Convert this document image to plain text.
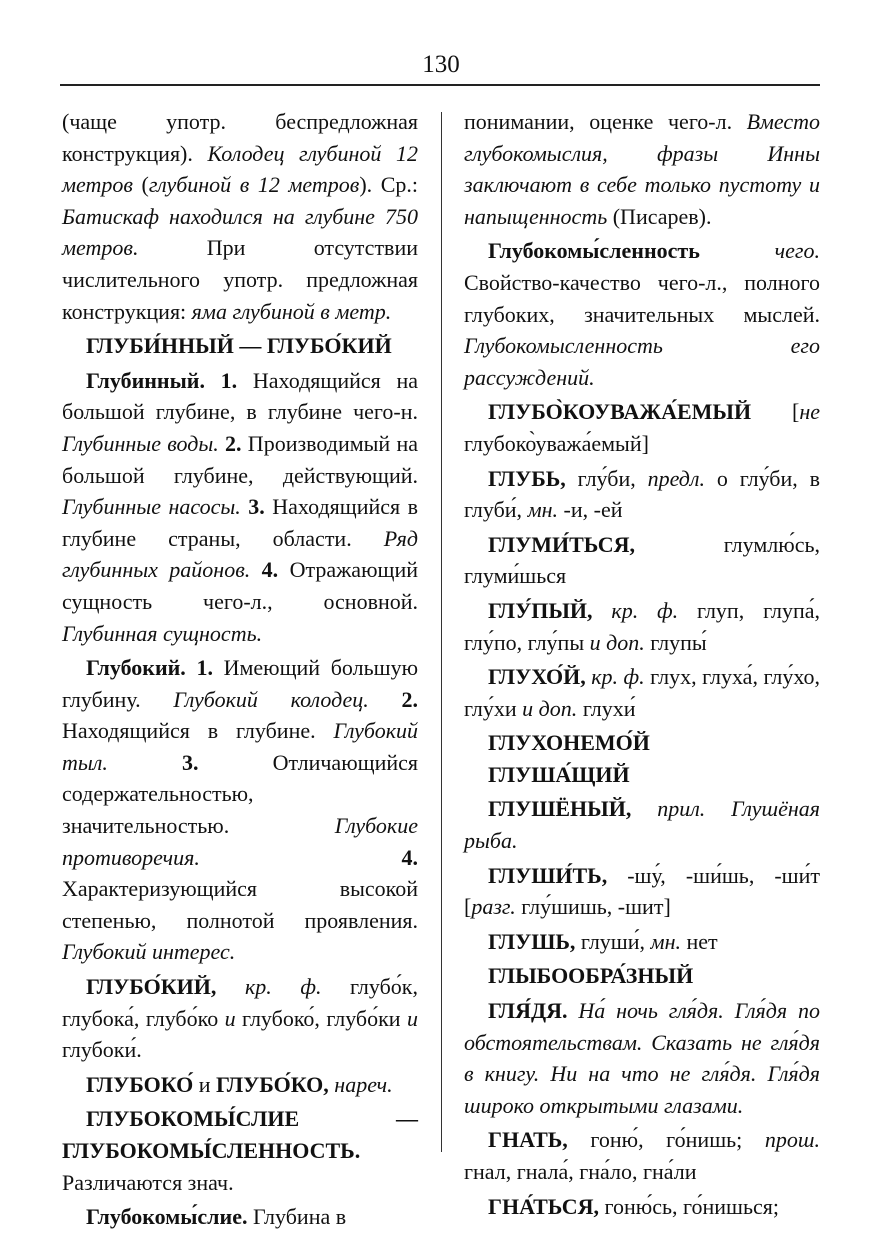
130
(чаще употр. беспредложная конструкция). Колодец глубиной 12 метров (глубиной в 12 метров). Ср.: Батискаф находился на глубине 750 метров. При отсутствии числительного употр. предложная конструкция: яма глубиной в метр.
ГЛУБИ́ННЫЙ — ГЛУБО́КИЙ
Глубинный. 1. Находящийся на большой глубине, в глубине чего-н. Глубинные воды. 2. Производимый на большой глубине, действующий. Глубинные насосы. 3. Находящийся в глубине страны, области. Ряд глубинных районов. 4. Отражающий сущность чего-л., основной. Глубинная сущность.
Глубокий. 1. Имеющий большую глубину. Глубокий колодец. 2. Находящийся в глубине. Глубокий тыл.	3. Отличающийся содержательностью, значительностью. Глубокие противоречия.	4. Характеризующийся высокой степенью, полнотой проявления. Глубокий интерес.
ГЛУБО́КИЙ, кр. ф. глубо́к, глубока́, глубо́ко и глубоко́, глубо́ки и глубоки́.
ГЛУБОКО́ и ГЛУБО́КО, нареч.
ГЛУБОКОМЫ́СЛИЕ — ГЛУБОКОМЫ́СЛЕННОСТЬ. Различаются знач.
Глубокомы́слие. Глубина в
понимании, оценке чего-л. Вместо глубокомыслия, фразы Инны заключают в себе только пустоту и напыщенность (Писарев).
Глубокомы́сленность	чего. Свойство-качество чего-л., полного глубоких, значительных мыслей. Глубокомысленность его рассуждений.
ГЛУБО̀КОУВАЖА́ЕМЫЙ [не глубоко̀уважа́емый]
ГЛУБЬ, глу́би, предл. о глу́би, в глуби́, мн. -и, -ей
ГЛУМИ́ТЬСЯ, глумлю́сь, глуми́шься
ГЛУ́ПЫЙ, кр. ф. глуп, глупа́, глу́по, глу́пы и доп. глупы́
ГЛУХО́Й, кр. ф. глух, глуха́, глу́хо, глу́хи и доп. глухи́
ГЛУХОНЕМО́Й
ГЛУША́ЩИЙ
ГЛУШЁНЫЙ, прил. Глушёная рыба.
ГЛУШИ́ТЬ, -шу́, -ши́шь, -ши́т [разг. глу́шишь, -шит]
ГЛУШЬ, глуши́, мн. нет
ГЛЫБООБРА́ЗНЫЙ
ГЛЯ́ДЯ. На́ ночь гля́дя. Гля́дя по обстоятельствам. Сказать не гля́дя в книгу. Ни на что не гля́дя. Гля́дя широко открытыми глазами.
ГНАТЬ, гоню́, го́нишь; прош. гнал, гнала́, гна́ло, гна́ли
ГНА́ТЬСЯ, гоню́сь, го́нишься;
